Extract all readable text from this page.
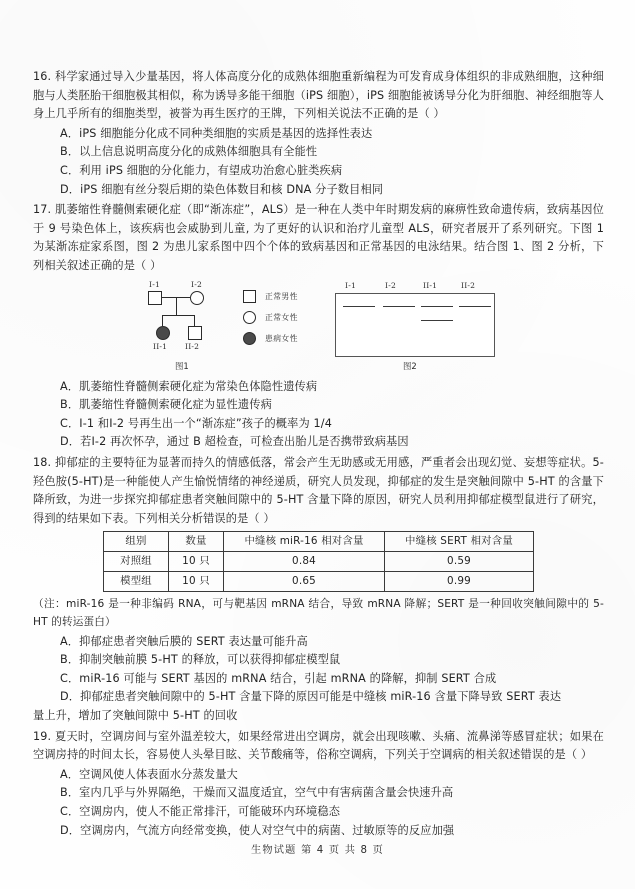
16. 科学家通过导入少量基因，将人体高度分化的成熟体细胞重新编程为可发育成身体组织的非成熟细胞，这种细胞与人类胚胎干细胞极其相似，称为诱导多能干细胞（iPS 细胞），iPS 细胞能被诱导分化为肝细胞、神经细胞等人身上几乎所有的细胞类型，被誉为再生医疗的王牌，下列相关说法不正确的是（ ）
A．iPS 细胞能分化成不同种类细胞的实质是基因的选择性表达
B．以上信息说明高度分化的成熟体细胞具有全能性
C．利用 iPS 细胞的分化能力，有望成功治愈心脏类疾病
D．iPS 细胞有丝分裂后期的染色体数目和核 DNA 分子数目相同
17. 肌萎缩性脊髓侧索硬化症（即“渐冻症”，ALS）是一种在人类中年时期发病的麻痹性致命遗传病，致病基因位于 9 号染色体上，该疾病也会威胁到儿童, 为了更好的认识和治疗儿童型 ALS，研究者展开了系列研究。下图 1 为某渐冻症家系图，图 2 为患儿家系图中四个个体的致病基因和正常基因的电泳结果。结合图 1、图 2 分析，下列相关叙述正确的是（ ）
I-1	I-2
II-1 II-2
正常男性
正常女性
患病女性
图1
I-1	I-2	II-1	II-2
图2
A．肌萎缩性脊髓侧索硬化症为常染色体隐性遗传病
B．肌萎缩性脊髓侧索硬化症为显性遗传病
C．Ⅰ-1 和Ⅰ-2 号再生出一个“渐冻症”孩子的概率为 1/4
D．若Ⅰ-2 再次怀孕，通过 B 超检查，可检查出胎儿是否携带致病基因
18. 抑郁症的主要特征为显著而持久的情感低落，常会产生无助感或无用感，严重者会出现幻觉、妄想等症状。5-羟色胺(5-HT)是一种能使人产生愉悦情绪的神经递质，研究人员发现，抑郁症的发生是突触间隙中 5-HT 的含量下降所致，为进一步探究抑郁症患者突触间隙中的 5-HT 含量下降的原因，研究人员利用抑郁症模型鼠进行了研究，得到的结果如下表。下列相关分析错误的是（ ）
组别	数量	中缝核 miR-16 相对含量	中缝核 SERT 相对含量
对照组	10 只	0.84	0.59
模型组	10 只	0.65	0.99
（注：miR-16 是一种非编码 RNA，可与靶基因 mRNA 结合，导致 mRNA 降解；SERT 是一种回收突触间隙中的 5-HT 的转运蛋白）
A．抑郁症患者突触后膜的 SERT 表达量可能升高
B．抑制突触前膜 5-HT 的释放，可以获得抑郁症模型鼠
C．miR-16 可能与 SERT 基因的 mRNA 结合，引起 mRNA 的降解，抑制 SERT 合成
D．抑郁症患者突触间隙中的 5-HT 含量下降的原因可能是中缝核 miR-16 含量下降导致 SERT 表达
量上升，增加了突触间隙中 5-HT 的回收
19. 夏天时，空调房间与室外温差较大，如果经常进出空调房，就会出现咳嗽、头痛、流鼻涕等感冒症状；如果在空调房持的时间太长，容易使人头晕目眩、关节酸痛等，俗称空调病，下列关于空调病的相关叙述错误的是（ ）
A．空调风使人体表面水分蒸发量大
B．室内几乎与外界隔绝，干燥而又温度适宜，空气中有害病菌含量会快速升高
C．空调房内，使人不能正常排汗，可能破环内环境稳态
D．空调房内，气流方向经常变换，使人对空气中的病菌、过敏原等的反应加强
生物试题 第 4 页 共 8 页
